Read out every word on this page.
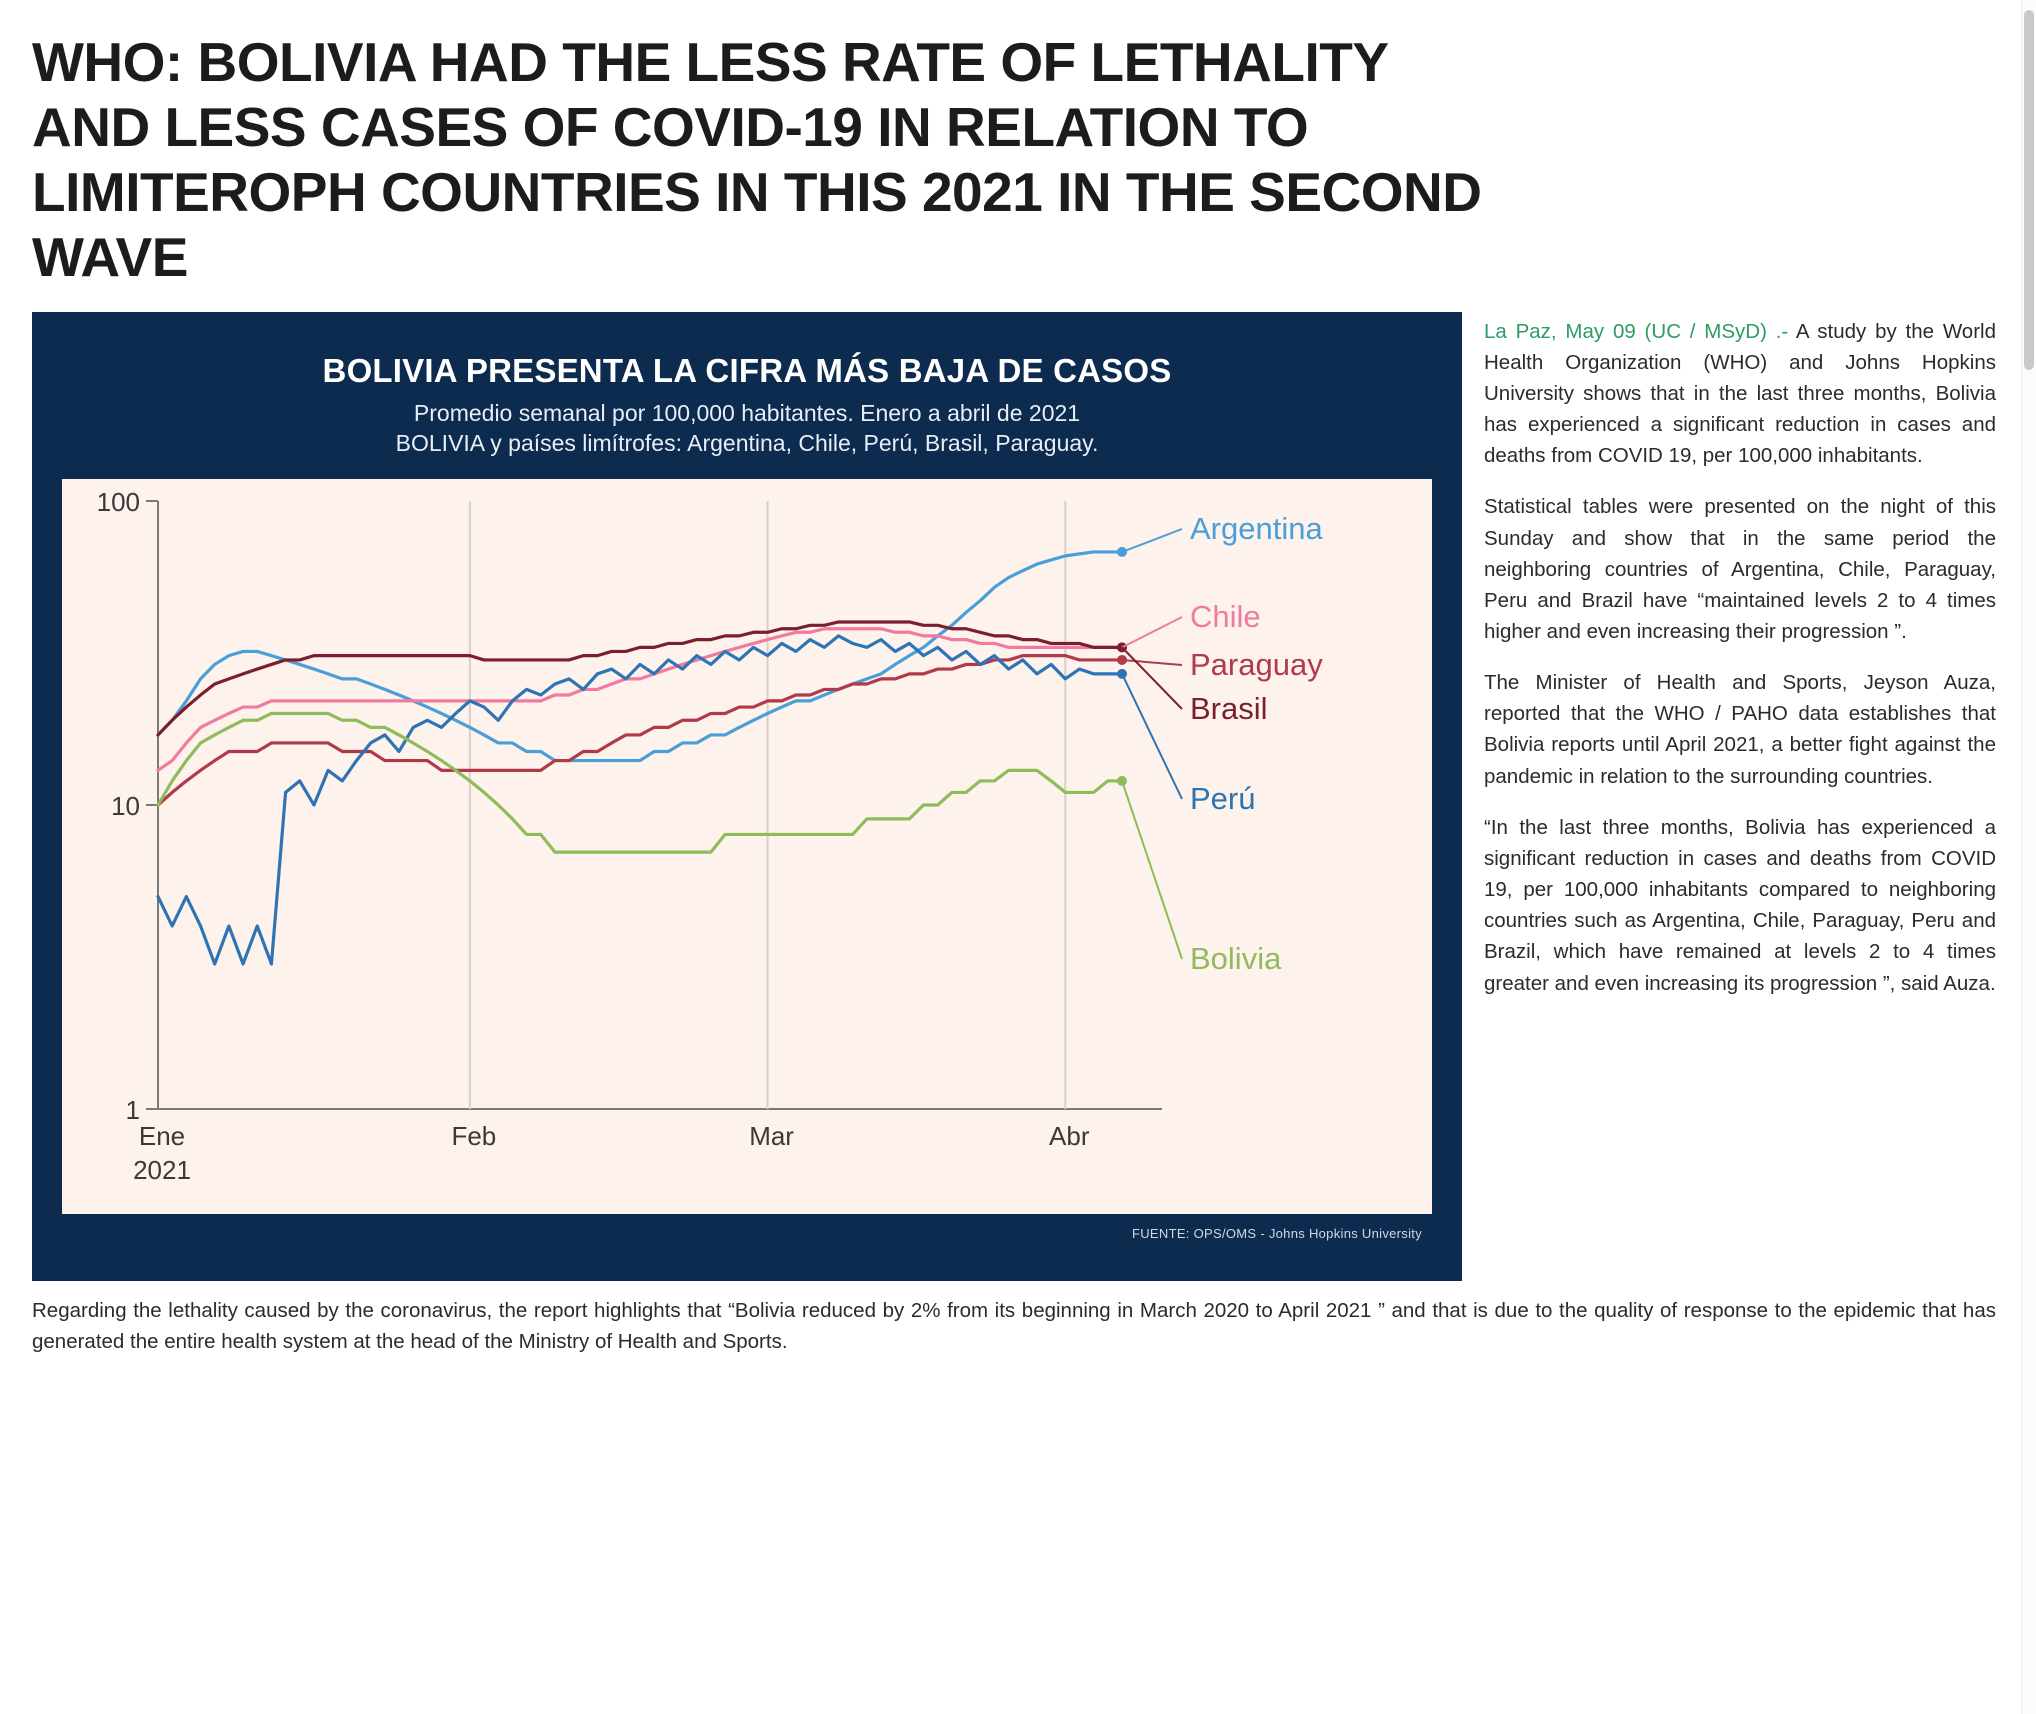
WHO: BOLIVIA HAD THE LESS RATE OF LETHALITY AND LESS CASES OF COVID-19 IN RELATION TO LIMITEROPH COUNTRIES IN THIS 2021 IN THE SECOND WAVE
BOLIVIA PRESENTA LA CIFRA MÁS BAJA DE CASOS
Promedio semanal por 100,000 habitantes. Enero a abril de 2021
BOLIVIA y países limítrofes: Argentina, Chile, Perú, Brasil, Paraguay.
100
10
1
Ene
2021
Feb	Mar	Abr
Argentina
Chile
Paraguay
Brasil
Perú
Bolivia
FUENTE: OPS/OMS - Johns Hopkins University

La Paz, May 09 (UC / MSyD) .- A study by the World Health Organization (WHO) and Johns Hopkins University shows that in the last three months, Bolivia has experienced a significant reduction in cases and deaths from COVID 19, per 100,000 inhabitants.

Statistical tables were presented on the night of this Sunday and show that in the same period the neighboring countries of Argentina, Chile, Paraguay, Peru and Brazil have “maintained levels 2 to 4 times higher and even increasing their progression ”.

The Minister of Health and Sports, Jeyson Auza, reported that the WHO / PAHO data establishes that Bolivia reports until April 2021, a better fight against the pandemic in relation to the surrounding countries.

“In the last three months, Bolivia has experienced a significant reduction in cases and deaths from COVID 19, per 100,000 inhabitants compared to neighboring countries such as Argentina, Chile, Paraguay, Peru and Brazil, which have remained at levels 2 to 4 times greater and even increasing its progression ”, said Auza.

Regarding the lethality caused by the coronavirus, the report highlights that “Bolivia reduced by 2% from its beginning in March 2020 to April 2021 ” and that is due to the quality of response to the epidemic that has generated the entire health system at the head of the Ministry of Health and Sports.
